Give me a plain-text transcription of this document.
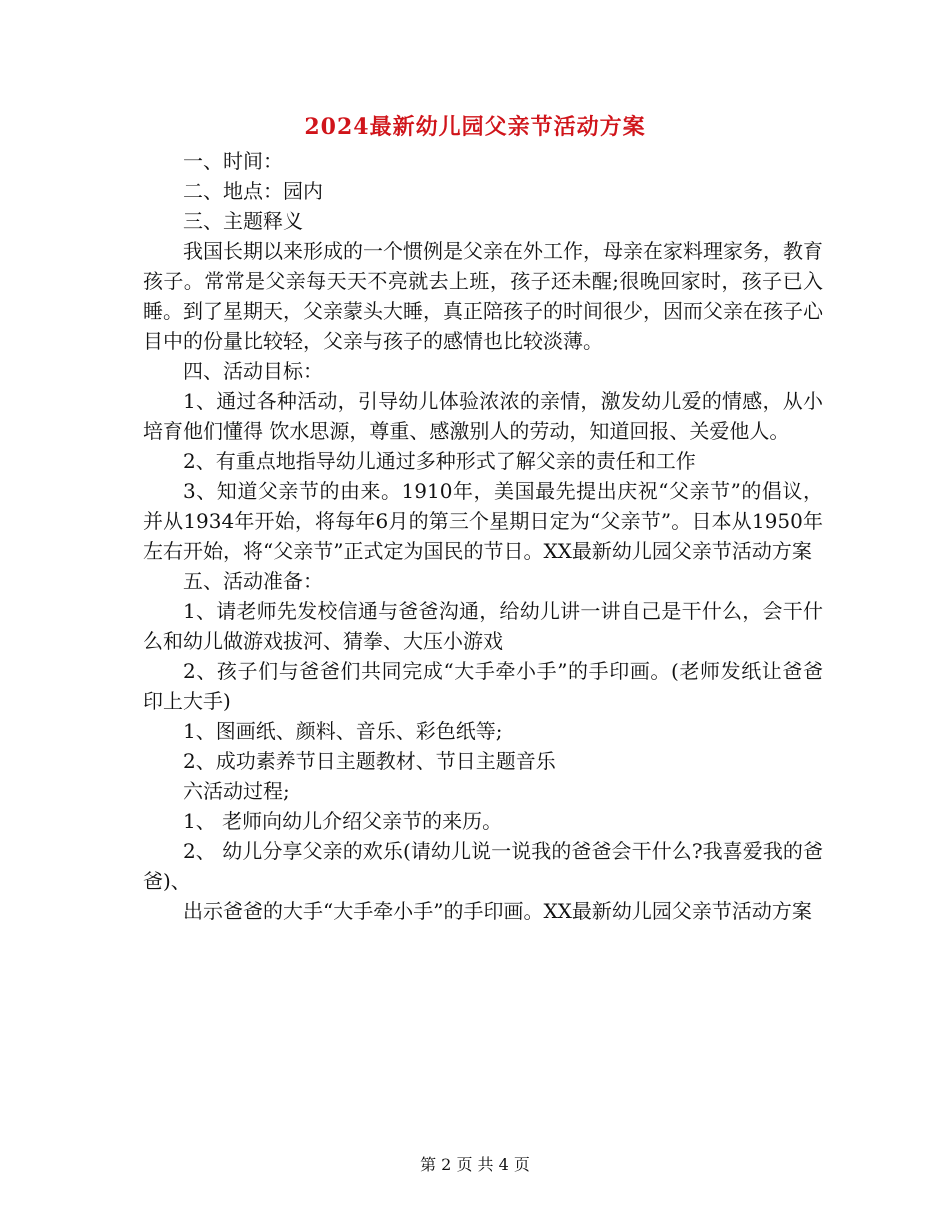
2024最新幼儿园父亲节活动方案

一、时间：

二、地点：园内

三、主题释义

我国长期以来形成的一个惯例是父亲在外工作，母亲在家料理家务，教育孩子。常常是父亲每天天不亮就去上班，孩子还未醒;很晚回家时，孩子已入睡。到了星期天，父亲蒙头大睡，真正陪孩子的时间很少，因而父亲在孩子心目中的份量比较轻，父亲与孩子的感情也比较淡薄。

四、活动目标：

1、通过各种活动，引导幼儿体验浓浓的亲情，激发幼儿爱的情感，从小培育他们懂得 饮水思源，尊重、感激别人的劳动，知道回报、关爱他人。

2、有重点地指导幼儿通过多种形式了解父亲的责任和工作

3、知道父亲节的由来。1910年，美国最先提出庆祝“父亲节”的倡议，并从1934年开始，将每年6月的第三个星期日定为“父亲节”。日本从1950年左右开始，将“父亲节”正式定为国民的节日。XX最新幼儿园父亲节活动方案

五、活动准备：

1、请老师先发校信通与爸爸沟通，给幼儿讲一讲自己是干什么，会干什么和幼儿做游戏拔河、猜拳、大压小游戏

2、孩子们与爸爸们共同完成“大手牵小手”的手印画。(老师发纸让爸爸印上大手)

1、图画纸、颜料、音乐、彩色纸等;

2、成功素养节日主题教材、节日主题音乐

六活动过程;

1、 老师向幼儿介绍父亲节的来历。

2、 幼儿分享父亲的欢乐(请幼儿说一说我的爸爸会干什么?我喜爱我的爸爸)、

出示爸爸的大手“大手牵小手”的手印画。XX最新幼儿园父亲节活动方案

第 2 页 共 4 页
